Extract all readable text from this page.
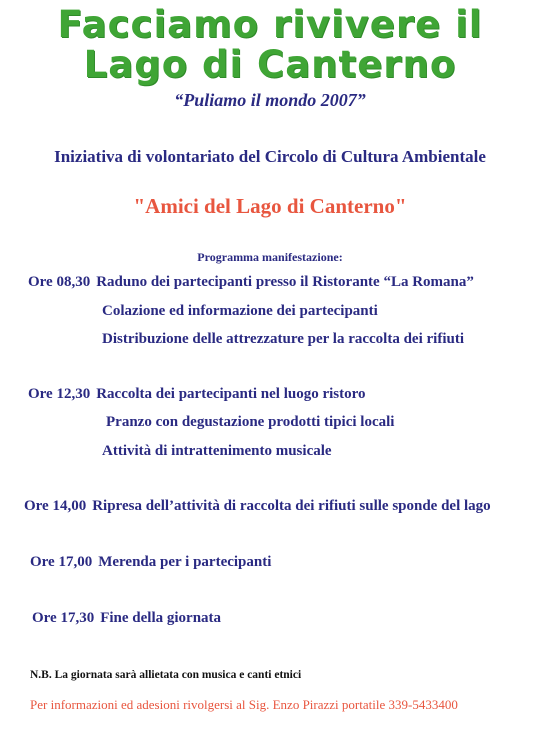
Facciamo rivivere il
Lago di Canterno
“Puliamo il mondo 2007”
Iniziativa di volontariato del Circolo di Cultura Ambientale
"Amici del Lago di Canterno"
Programma manifestazione:
Ore 08,30 Raduno dei partecipanti presso il Ristorante “La Romana”
Colazione ed informazione dei partecipanti
Distribuzione delle attrezzature per la raccolta dei rifiuti
Ore 12,30 Raccolta dei partecipanti nel luogo ristoro
Pranzo con degustazione prodotti tipici locali
Attività di intrattenimento musicale
Ore 14,00 Ripresa dell’attività di raccolta dei rifiuti sulle sponde del lago
Ore 17,00 Merenda per i partecipanti
Ore 17,30 Fine della giornata
N.B. La giornata sarà allietata con musica e canti etnici
Per informazioni ed adesioni rivolgersi al Sig. Enzo Pirazzi portatile 339-5433400
